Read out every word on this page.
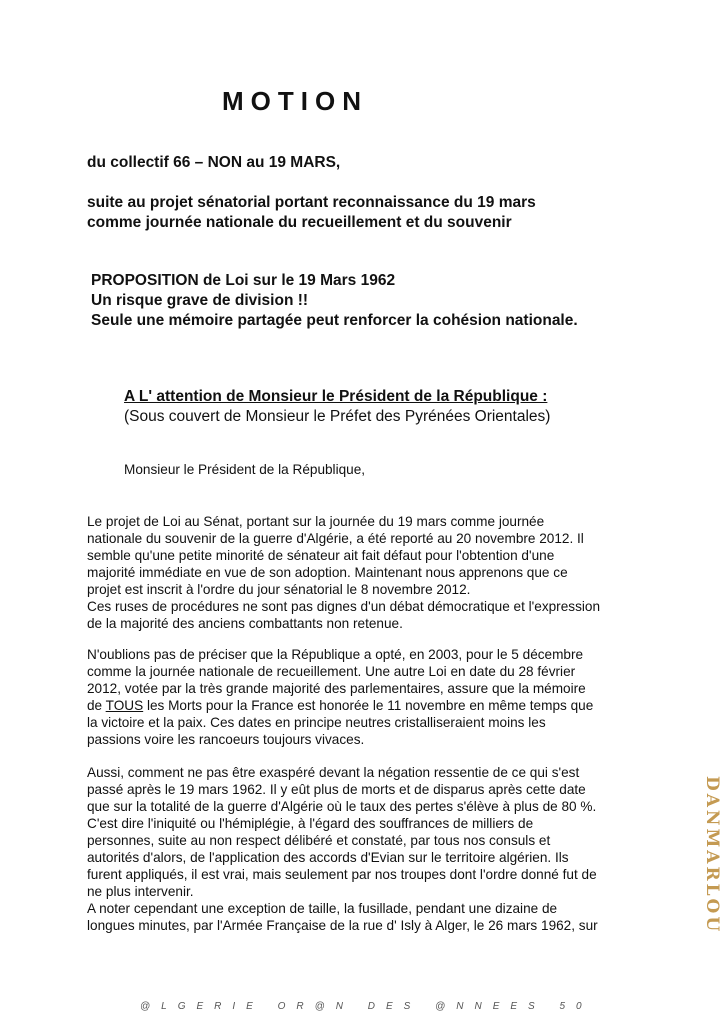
MOTION
du collectif 66 – NON au 19 MARS,
suite au projet sénatorial portant reconnaissance du 19 mars
comme journée nationale du recueillement et du souvenir
PROPOSITION de Loi sur le 19 Mars 1962
Un risque grave de division !!
Seule une mémoire partagée peut renforcer la cohésion nationale.
A L' attention de Monsieur le Président de la République :
(Sous couvert de Monsieur le Préfet des Pyrénées Orientales)
Monsieur le Président de la République,
Le projet de Loi au Sénat, portant sur la journée du 19 mars comme journée
nationale du souvenir de la guerre d'Algérie, a été reporté au 20 novembre 2012. Il
semble qu'une petite minorité de sénateur ait fait défaut pour l'obtention d'une
majorité immédiate en vue de son adoption. Maintenant nous apprenons que ce
projet est inscrit à l'ordre du jour sénatorial le 8 novembre 2012.
Ces ruses de procédures ne sont pas dignes d'un débat démocratique et l'expression
de la majorité des anciens combattants non retenue.
N'oublions pas de préciser que la République a opté, en 2003, pour le 5 décembre
comme la journée nationale de recueillement. Une autre Loi en date du 28 février
2012, votée par la très grande majorité des parlementaires, assure que la mémoire
de TOUS les Morts pour la France est honorée le 11 novembre en même temps que
la victoire et la paix. Ces dates en principe neutres cristalliseraient moins les
passions voire les rancoeurs toujours vivaces.
Aussi, comment ne pas être exaspéré devant la négation ressentie de ce qui s'est
passé après le 19 mars 1962. Il y eût plus de morts et de disparus après cette date
que sur la totalité de la guerre d'Algérie où le taux des pertes s'élève à plus de 80 %.
C'est dire l'iniquité ou l'hémiplégie, à l'égard des souffrances de milliers de
personnes, suite au non respect délibéré et constaté, par tous nos consuls et
autorités d'alors, de l'application des accords d'Evian sur le territoire algérien. Ils
furent appliqués, il est vrai, mais seulement par nos troupes dont l'ordre donné fut de
ne plus intervenir.
A noter cependant une exception de taille, la fusillade, pendant une dizaine de
longues minutes, par l'Armée Française de la rue d' Isly à Alger, le 26 mars 1962, sur	DANMARLOU
@LGERIE OR@N DES @NNEES 50
